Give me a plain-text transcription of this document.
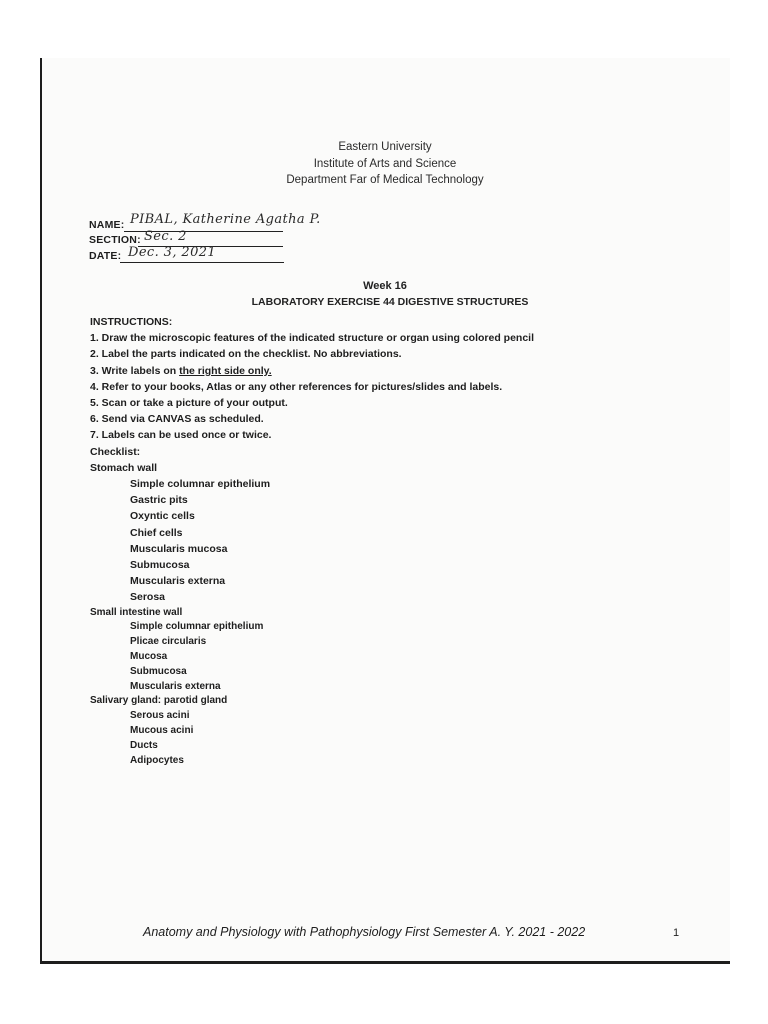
Eastern University
Institute of Arts and Science
Department Far of Medical Technology
NAME: PIBAL, Katherine Agatha P.
SECTION: Sec. 2
DATE: Dec. 3, 2021
Week 16
LABORATORY EXERCISE 44 DIGESTIVE STRUCTURES
INSTRUCTIONS:
1. Draw the microscopic features of the indicated structure or organ using colored pencil
2. Label the parts indicated on the checklist. No abbreviations.
3. Write labels on the right side only.
4. Refer to your books, Atlas or any other references for pictures/slides and labels.
5. Scan or take a picture of your output.
6. Send via CANVAS as scheduled.
7. Labels can be used once or twice.
Checklist:
Stomach wall
Simple columnar epithelium
Gastric pits
Oxyntic cells
Chief cells
Muscularis mucosa
Submucosa
Muscularis externa
Serosa
Small intestine wall
Simple columnar epithelium
Plicae circularis
Mucosa
Submucosa
Muscularis externa
Salivary gland: parotid gland
Serous acini
Mucous acini
Ducts
Adipocytes
Anatomy and Physiology with Pathophysiology First Semester A. Y. 2021 - 2022	1
